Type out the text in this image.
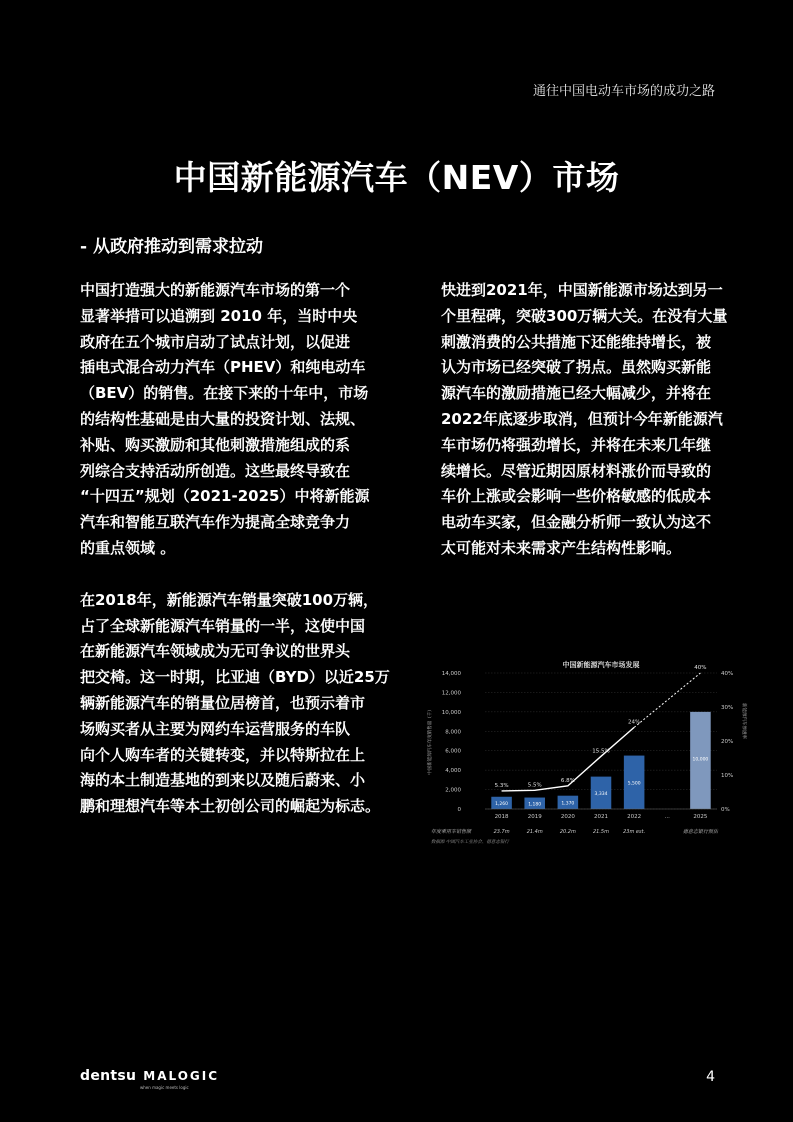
通往中国电动车市场的成功之路
中国新能源汽车（NEV）市场
- 从政府推动到需求拉动

中国打造强大的新能源汽车市场的第一个

显著举措可以追溯到 2010 年，当时中央

政府在五个城市启动了试点计划，以促进

插电式混合动力汽车（PHEV）和纯电动车

（BEV）的销售。在接下来的十年中，市场

的结构性基础是由大量的投资计划、法规、

补贴、购买激励和其他刺激措施组成的系

列综合支持活动所创造。这些最终导致在

“十四五”规划（2021-2025）中将新能源

汽车和智能互联汽车作为提高全球竞争力

的重点领域 。

在2018年，新能源汽车销量突破100万辆，

占了全球新能源汽车销量的一半，这使中国

在新能源汽车领域成为无可争议的世界头

把交椅。这一时期，比亚迪（BYD）以近25万

辆新能源汽车的销量位居榜首，也预示着市

场购买者从主要为网约车运营服务的车队

向个人购车者的关键转变，并以特斯拉在上

海的本土制造基地的到来以及随后蔚来、小

鹏和理想汽车等本土初创公司的崛起为标志。

快进到2021年，中国新能源市场达到另一

个里程碑，突破300万辆大关。在没有大量

刺激消费的公共措施下还能维持增长，被

认为市场已经突破了拐点。虽然购买新能

源汽车的激励措施已经大幅减少，并将在

2022年底逐步取消，但预计今年新能源汽

车市场仍将强劲增长，并将在未来几年继

续增长。尽管近期因原材料涨价而导致的

车价上涨或会影响一些价格敏感的低成本

电动车买家，但金融分析师一致认为这不

太可能对未来需求产生结构性影响。

中国新能源汽车市场发展
0
2,000
4,000
6,000
8,000
10,000
12,000
14,000
0%
10%
20%
30%
40%
中国新能源汽车年度销售量（千）	新能源汽车渗透率
1,260	1,180	1,370
3,334
5,500
10,000
5.3%	5.5%
6.8%
15.5%
24%
40%
2018	2019	2020	2021	2022	...	2025
年度乘用车销售额	23.7m	21.4m	20.2m	21.5m	23m est.	德意志银行预估
数据源 中国汽车工业协会、德意志银行
dentsu MALOGIC
when magic meets logic
4
